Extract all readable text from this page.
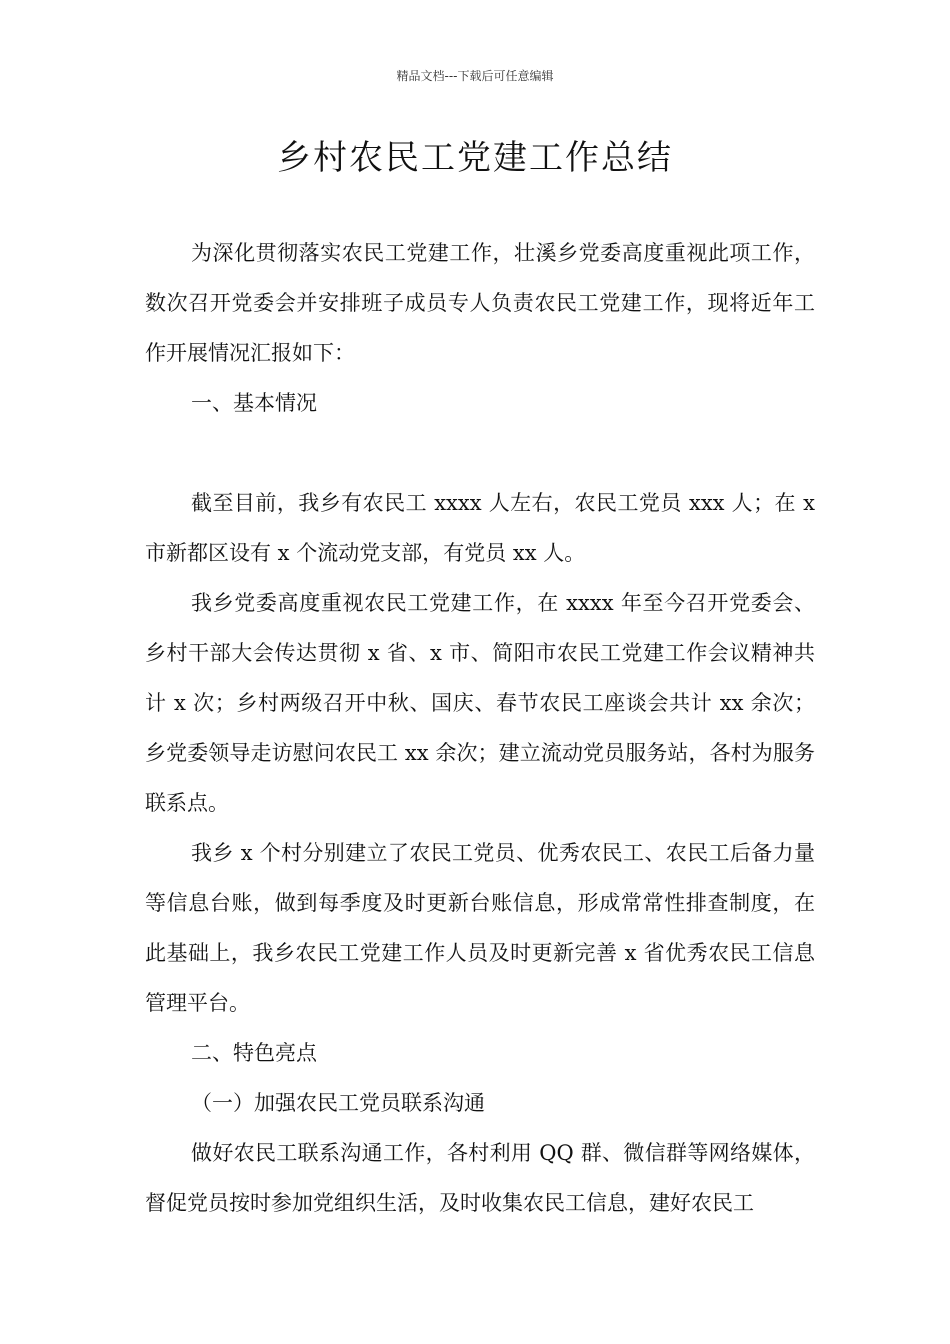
精品文档---下载后可任意编辑
乡村农民工党建工作总结

为深化贯彻落实农民工党建工作，壮溪乡党委高度重视此项工作，数次召开党委会并安排班子成员专人负责农民工党建工作，现将近年工作开展情况汇报如下：

一、基本情况

截至目前，我乡有农民工 xxxx 人左右，农民工党员 xxx 人；在 x 市新都区设有 x 个流动党支部，有党员 xx 人。

我乡党委高度重视农民工党建工作，在 xxxx 年至今召开党委会、乡村干部大会传达贯彻 x 省、x 市、简阳市农民工党建工作会议精神共计 x 次；乡村两级召开中秋、国庆、春节农民工座谈会共计 xx 余次；乡党委领导走访慰问农民工 xx 余次；建立流动党员服务站，各村为服务联系点。

我乡 x 个村分别建立了农民工党员、优秀农民工、农民工后备力量等信息台账，做到每季度及时更新台账信息，形成常常性排查制度，在此基础上，我乡农民工党建工作人员及时更新完善 x 省优秀农民工信息管理平台。

二、特色亮点

（一）加强农民工党员联系沟通

做好农民工联系沟通工作，各村利用 QQ 群、微信群等网络媒体，督促党员按时参加党组织生活，及时收集农民工信息，建好农民工
